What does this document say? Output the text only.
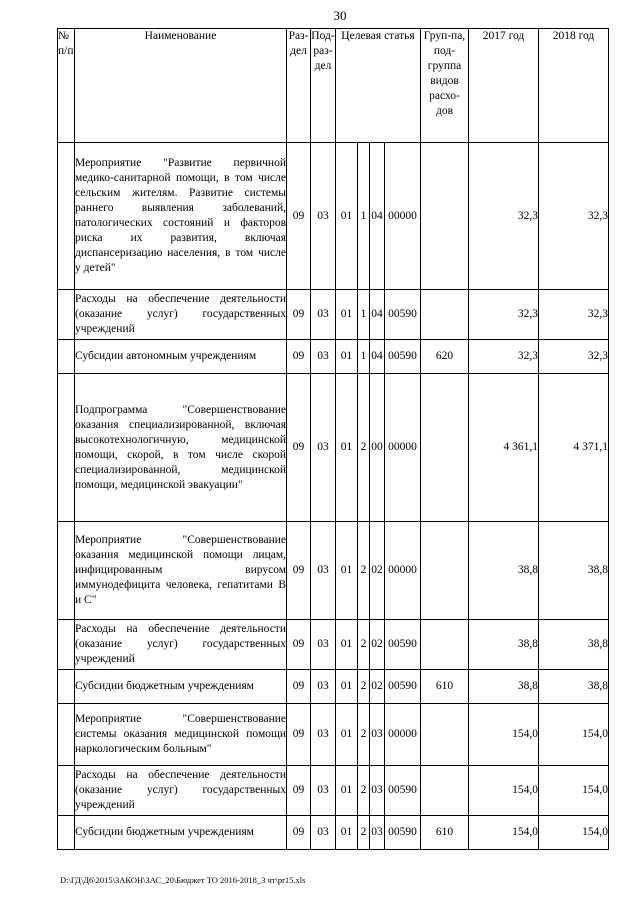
30
№ п/п	Наименование	Раз-дел	Под-раз-дел	Целевая статья				Груп-па, под-группа видов расхо-дов	2017 год	2018 год
	Мероприятие "Развитие первичной медико-санитарной помощи, в том числе сельским жителям. Развитие системы раннего выявления заболеваний, патологических состояний и факторов риска их развития, включая диспансеризацию населения, в том числе у детей"	09	03	01	1	04	00000		32,3	32,3
	Расходы на обеспечение деятельности (оказание услуг) государственных учреждений	09	03	01	1	04	00590		32,3	32,3
	Субсидии автономным учреждениям	09	03	01	1	04	00590	620	32,3	32,3
	Подпрограмма "Совершенствование оказания специализированной, включая высокотехнологичную, медицинской помощи, скорой, в том числе скорой специализированной, медицинской помощи, медицинской эвакуации"	09	03	01	2	00	00000		4 361,1	4 371,1
	Мероприятие "Совершенствование оказания медицинской помощи лицам, инфицированным вирусом иммунодефицита человека, гепатитами В и С"	09	03	01	2	02	00000		38,8	38,8
	Расходы на обеспечение деятельности (оказание услуг) государственных учреждений	09	03	01	2	02	00590		38,8	38,8
	Субсидии бюджетным учреждениям	09	03	01	2	02	00590	610	38,8	38,8
	Мероприятие "Совершенствование системы оказания медицинской помощи наркологическим больным"	09	03	01	2	03	00000		154,0	154,0
	Расходы на обеспечение деятельности (оказание услуг) государственных учреждений	09	03	01	2	03	00590		154,0	154,0
	Субсидии бюджетным учреждениям	09	03	01	2	03	00590	610	154,0	154,0
D:\ГД\Д6\2015\ЗАКОН\ЗАС_20\Бюджет ТО 2016-2018_3 чт\pr15.xls
